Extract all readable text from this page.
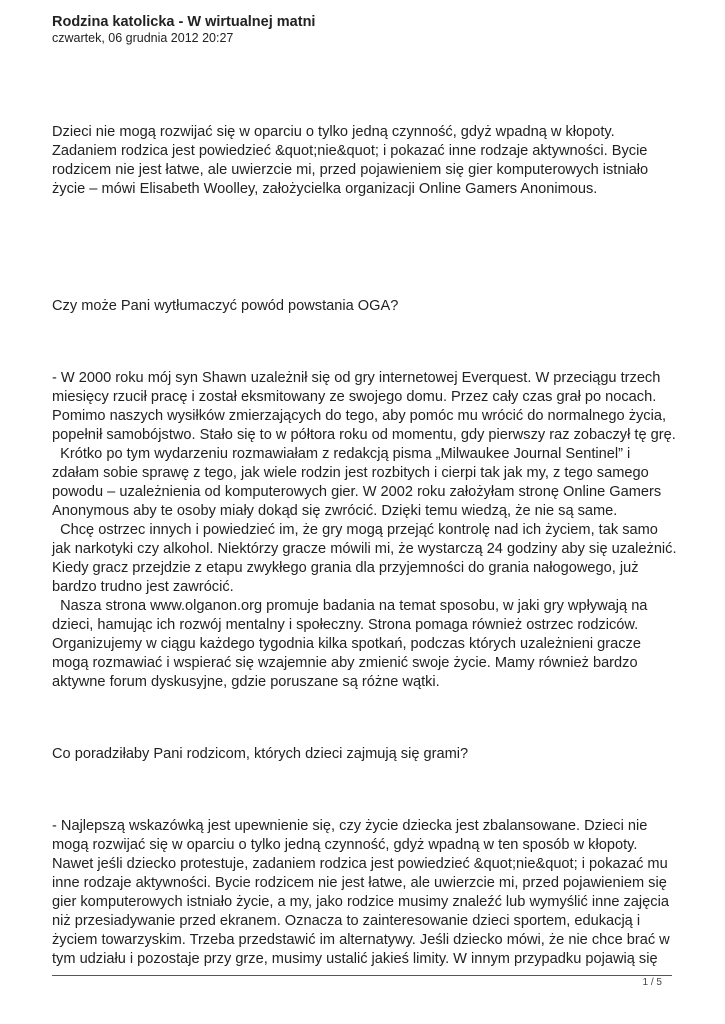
Rodzina katolicka - W wirtualnej matni
czwartek, 06 grudnia 2012 20:27

Dzieci nie mogą rozwijać się w oparciu o tylko jedną czynność, gdyż wpadną w kłopoty. Zadaniem rodzica jest powiedzieć &quot;nie&quot; i pokazać inne rodzaje aktywności. Bycie rodzicem nie jest łatwe, ale uwierzcie mi, przed pojawieniem się gier komputerowych istniało życie – mówi Elisabeth Woolley, założycielka organizacji Online Gamers Anonimous.

Czy może Pani wytłumaczyć powód powstania OGA?

- W 2000 roku mój syn Shawn uzależnił się od gry internetowej Everquest. W przeciągu trzech miesięcy rzucił pracę i został eksmitowany ze swojego domu. Przez cały czas grał po nocach. Pomimo naszych wysiłków zmierzających do tego, aby pomóc mu wrócić do normalnego życia, popełnił samobójstwo. Stało się to w półtora roku od momentu, gdy pierwszy raz zobaczył tę grę.
Krótko po tym wydarzeniu rozmawiałam z redakcją pisma „Milwaukee Journal Sentinel” i zdałam sobie sprawę z tego, jak wiele rodzin jest rozbitych i cierpi tak jak my, z tego samego powodu – uzależnienia od komputerowych gier. W 2002 roku założyłam stronę Online Gamers Anonymous aby te osoby miały dokąd się zwrócić. Dzięki temu wiedzą, że nie są same.
Chcę ostrzec innych i powiedzieć im, że gry mogą przejąć kontrolę nad ich życiem, tak samo jak narkotyki czy alkohol. Niektórzy gracze mówili mi, że wystarczą 24 godziny aby się uzależnić. Kiedy gracz przejdzie z etapu zwykłego grania dla przyjemności do grania nałogowego, już bardzo trudno jest zawrócić.
Nasza strona www.olganon.org promuje badania na temat sposobu, w jaki gry wpływają na dzieci, hamując ich rozwój mentalny i społeczny. Strona pomaga również ostrzec rodziców. Organizujemy w ciągu każdego tygodnia kilka spotkań, podczas których uzależnieni gracze mogą rozmawiać i wspierać się wzajemnie aby zmienić swoje życie. Mamy również bardzo aktywne forum dyskusyjne, gdzie poruszane są różne wątki.

Co poradziłaby Pani rodzicom, których dzieci zajmują się grami?

- Najlepszą wskazówką jest upewnienie się, czy życie dziecka jest zbalansowane. Dzieci nie mogą rozwijać się w oparciu o tylko jedną czynność, gdyż wpadną w ten sposób w kłopoty. Nawet jeśli dziecko protestuje, zadaniem rodzica jest powiedzieć &quot;nie&quot; i pokazać mu inne rodzaje aktywności. Bycie rodzicem nie jest łatwe, ale uwierzcie mi, przed pojawieniem się gier komputerowych istniało życie, a my, jako rodzice musimy znaleźć lub wymyślić inne zajęcia niż przesiadywanie przed ekranem. Oznacza to zainteresowanie dzieci sportem, edukacją i życiem towarzyskim. Trzeba przedstawić im alternatywy. Jeśli dziecko mówi, że nie chce brać w tym udziału i pozostaje przy grze, musimy ustalić jakieś limity. W innym przypadku pojawią się

1 / 5
